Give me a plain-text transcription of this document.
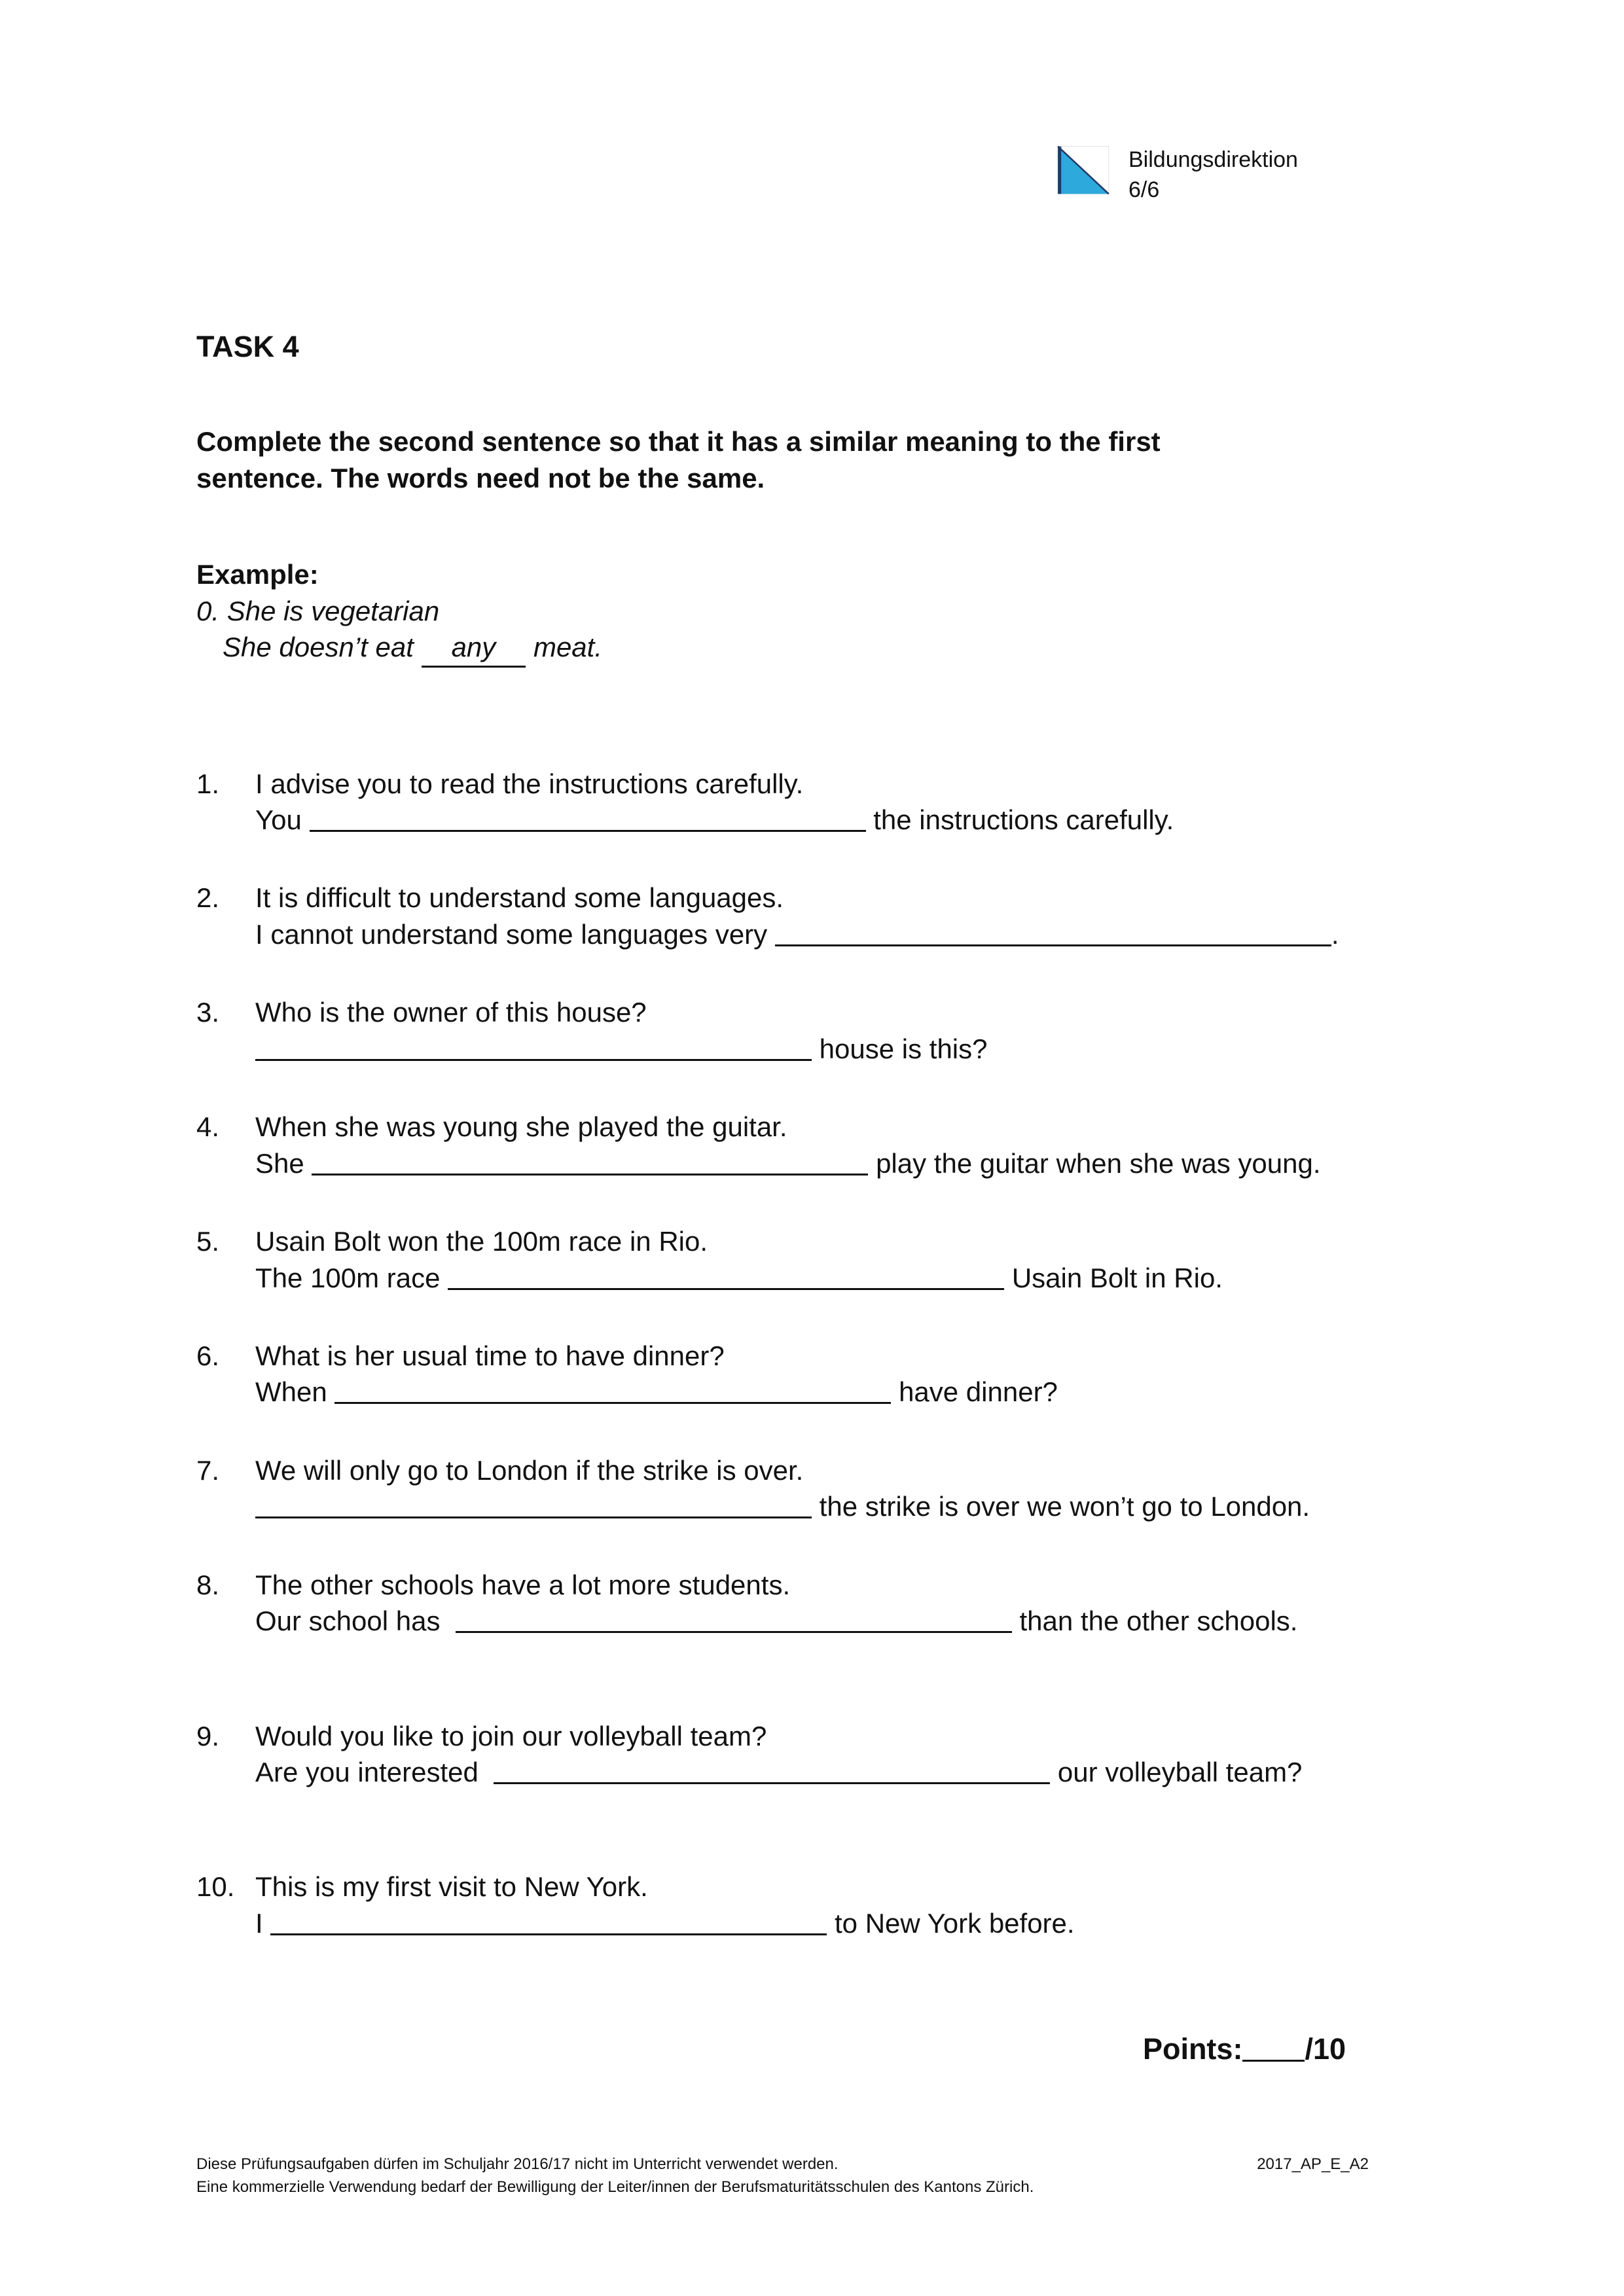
Bildungsdirektion
6/6
TASK 4
Complete the second sentence so that it has a similar meaning to the first sentence. The words need not be the same.
Example:
0. She is vegetarian
She doesn’t eat any meat.
1.	I advise you to read the instructions carefully.
You	the instructions carefully.
2.	It is difficult to understand some languages.
I cannot understand some languages very	.
3.	Who is the owner of this house?
house is this?
4.	When she was young she played the guitar.
She	play the guitar when she was young.
5.	Usain Bolt won the 100m race in Rio.
The 100m race	Usain Bolt in Rio.
6.	What is her usual time to have dinner?
When	have dinner?
7.	We will only go to London if the strike is over.
the strike is over we won’t go to London.
8.	The other schools have a lot more students.
Our school has	than the other schools.
9.	Would you like to join our volleyball team?
Are you interested	our volleyball team?
10. This is my first visit to New York.
I	to New York before.
Points: /10
Diese Prüfungsaufgaben dürfen im Schuljahr 2016/17 nicht im Unterricht verwendet werden.
Eine kommerzielle Verwendung bedarf der Bewilligung der Leiter/innen der Berufsmaturitätsschulen des Kantons Zürich.
2017_AP_E_A2
